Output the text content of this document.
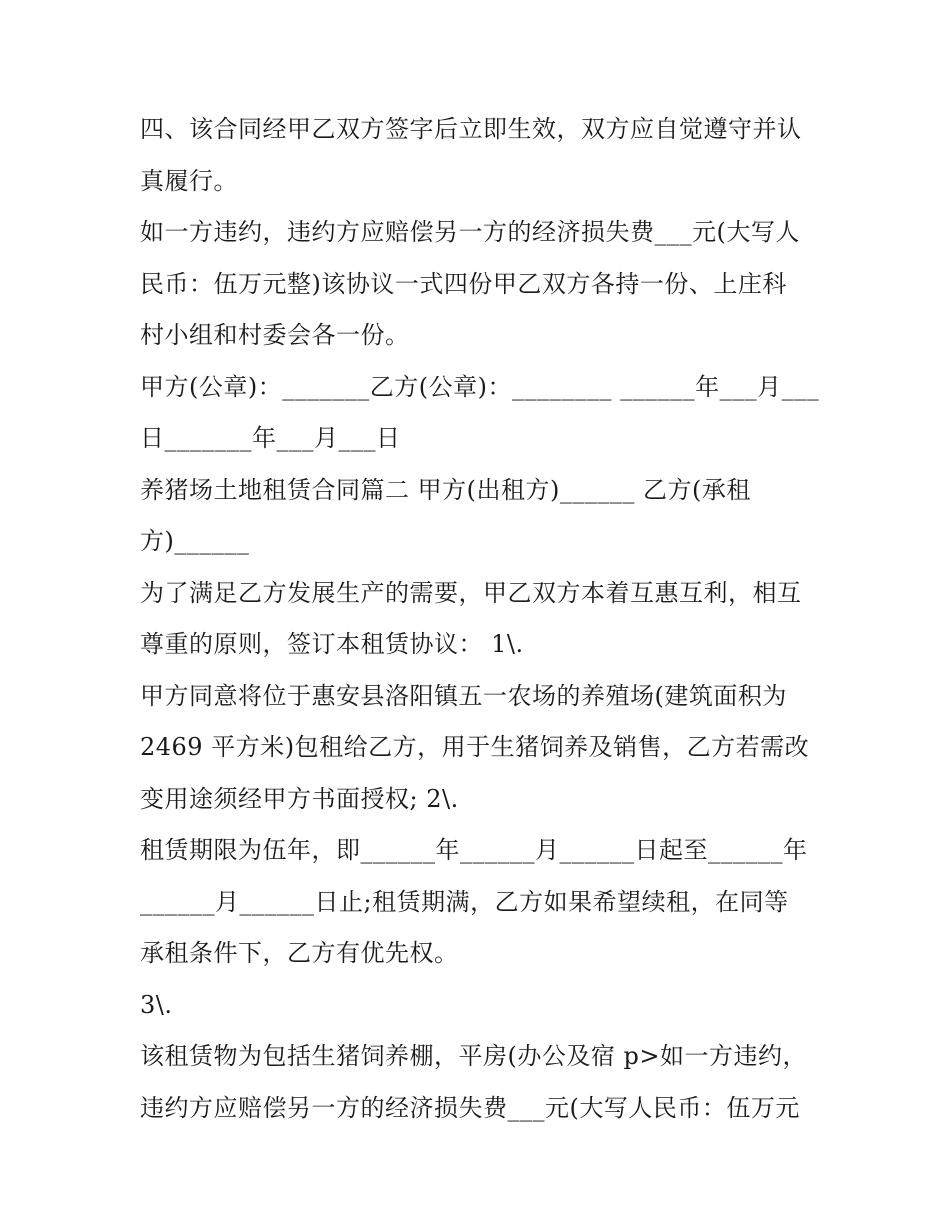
四、该合同经甲乙双方签字后立即生效，双方应自觉遵守并认
真履行。
如一方违约，违约方应赔偿另一方的经济损失费___元(大写人
民币：伍万元整)该协议一式四份甲乙双方各持一份、上庄科
村小组和村委会各一份。
甲方(公章)：_______乙方(公章)：________ ______年___月___
日_______年___月___日
养猪场土地租赁合同篇二 甲方(出租方)______ 乙方(承租
方)______
为了满足乙方发展生产的需要，甲乙双方本着互惠互利，相互
尊重的原则，签订本租赁协议： 1\.
甲方同意将位于惠安县洛阳镇五一农场的养殖场(建筑面积为
2469 平方米)包租给乙方，用于生猪饲养及销售，乙方若需改
变用途须经甲方书面授权; 2\.
租赁期限为伍年，即______年______月______日起至______年
______月______日止;租赁期满，乙方如果希望续租，在同等
承租条件下，乙方有优先权。
3\.
该租赁物为包括生猪饲养棚，平房(办公及宿 p>如一方违约，
违约方应赔偿另一方的经济损失费___元(大写人民币：伍万元
